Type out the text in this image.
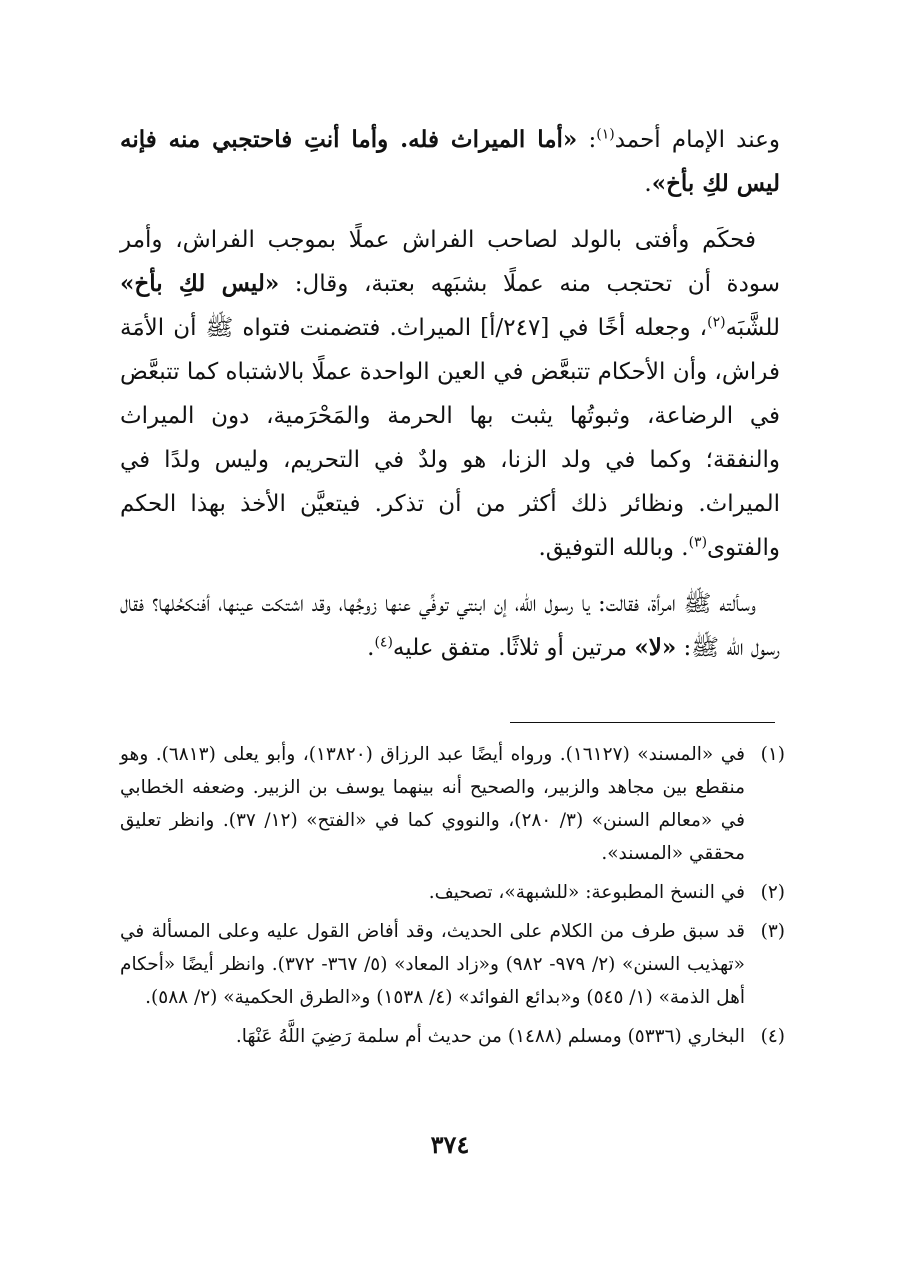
وعند الإمام أحمد$^{(١)}$: «أما الميراث فله. وأما أنتِ فاحتجبي منه فإنه ليس لكِ بأخ».

فحكَم وأفتى بالولد لصاحب الفراش عملًا بموجب الفراش، وأمر سودة أن تحتجب منه عملًا بشبَهه بعتبة، وقال: «ليس لكِ بأخ» للشَّبَه$^{(٢)}$، وجعله أخًا في [٢٤٧/أ] الميراث. فتضمنت فتواه ﷺ أن الأمَة فراش، وأن الأحكام تتبعَّض في العين الواحدة عملًا بالاشتباه كما تتبعَّض في الرضاعة، وثبوتُها يثبت بها الحرمة والمَحْرَمية، دون الميراث والنفقة؛ وكما في ولد الزنا، هو ولدٌ في التحريم، وليس ولدًا في الميراث. ونظائر ذلك أكثر من أن تذكر. فيتعيَّن الأخذ بهذا الحكم والفتوى$^{(٣)}$. وبالله التوفيق.

وسألته ﷺ امرأة، فقالت: يا رسول الله، إن ابنتي توفِّي عنها زوجُها، وقد اشتكت عينها، أفنكحُلها؟ فقال رسول الله ﷺ: «لا» مرتين أو ثلاثًا. متفق عليه$^{(٤)}$.

(١)
في «المسند» (١٦١٢٧). ورواه أيضًا عبد الرزاق (١٣٨٢٠)، وأبو يعلى (٦٨١٣). وهو منقطع بين مجاهد والزبير، والصحيح أنه بينهما يوسف بن الزبير. وضعفه الخطابي في «معالم السنن» (٣/ ٢٨٠)، والنووي كما في «الفتح» (١٢/ ٣٧). وانظر تعليق محققي «المسند».
(٢)
في النسخ المطبوعة: «للشبهة»، تصحيف.
(٣)
قد سبق طرف من الكلام على الحديث، وقد أفاض القول عليه وعلى المسألة في «تهذيب السنن» (٢/ ٩٧٩- ٩٨٢) و«زاد المعاد» (٥/ ٣٦٧- ٣٧٢). وانظر أيضًا «أحكام أهل الذمة» (١/ ٥٤٥) و«بدائع الفوائد» (٤/ ١٥٣٨) و«الطرق الحكمية» (٢/ ٥٨٨).
(٤)
البخاري (٥٣٣٦) ومسلم (١٤٨٨) من حديث أم سلمة رَضِيَ اللَّهُ عَنْهَا.
٣٧٤
